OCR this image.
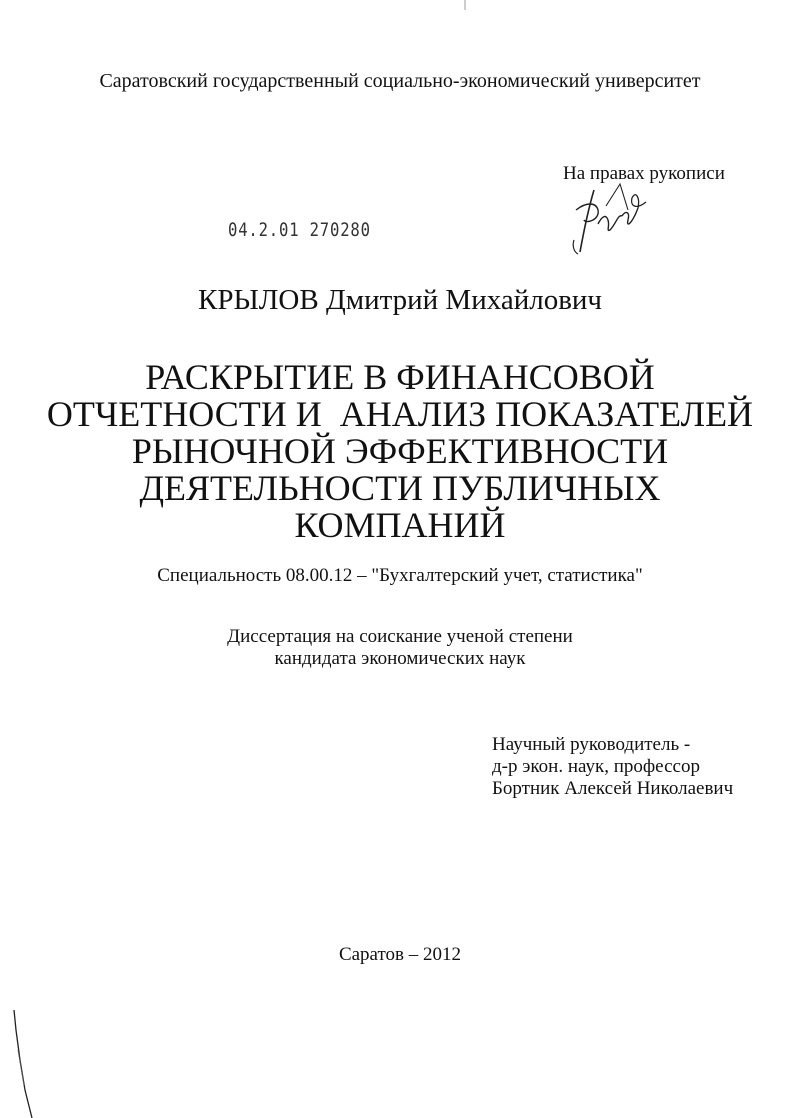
Саратовский государственный социально-экономический университет

На правах рукописи

04.2.01 270280

КРЫЛОВ Дмитрий Михайлович

РАСКРЫТИЕ В ФИНАНСОВОЙ
ОТЧЕТНОСТИ И  АНАЛИЗ ПОКАЗАТЕЛЕЙ
РЫНОЧНОЙ ЭФФЕКТИВНОСТИ
ДЕЯТЕЛЬНОСТИ ПУБЛИЧНЫХ
КОМПАНИЙ

Специальность 08.00.12 – "Бухгалтерский учет, статистика"

Диссертация на соискание ученой степени
кандидата экономических наук
Научный руководитель -
д-р экон. наук, профессор
Бортник Алексей Николаевич

Саратов – 2012
